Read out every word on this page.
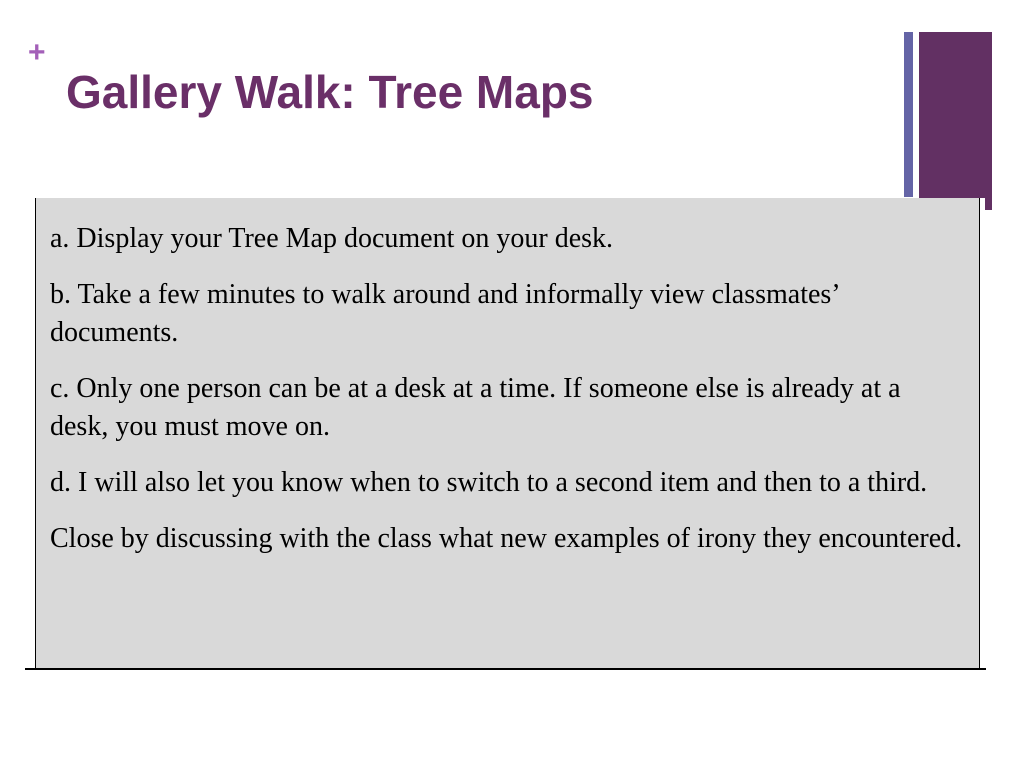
+
Gallery Walk: Tree Maps
a. Display your Tree Map document on your desk.
b. Take a few minutes to walk around and informally view classmates’ documents.
c. Only one person can be at a desk at a time. If someone else is already at a desk, you must move on.
d. I will also let you know when to switch to a second item and then to a third.
Close by discussing with the class what new examples of irony they encountered.
